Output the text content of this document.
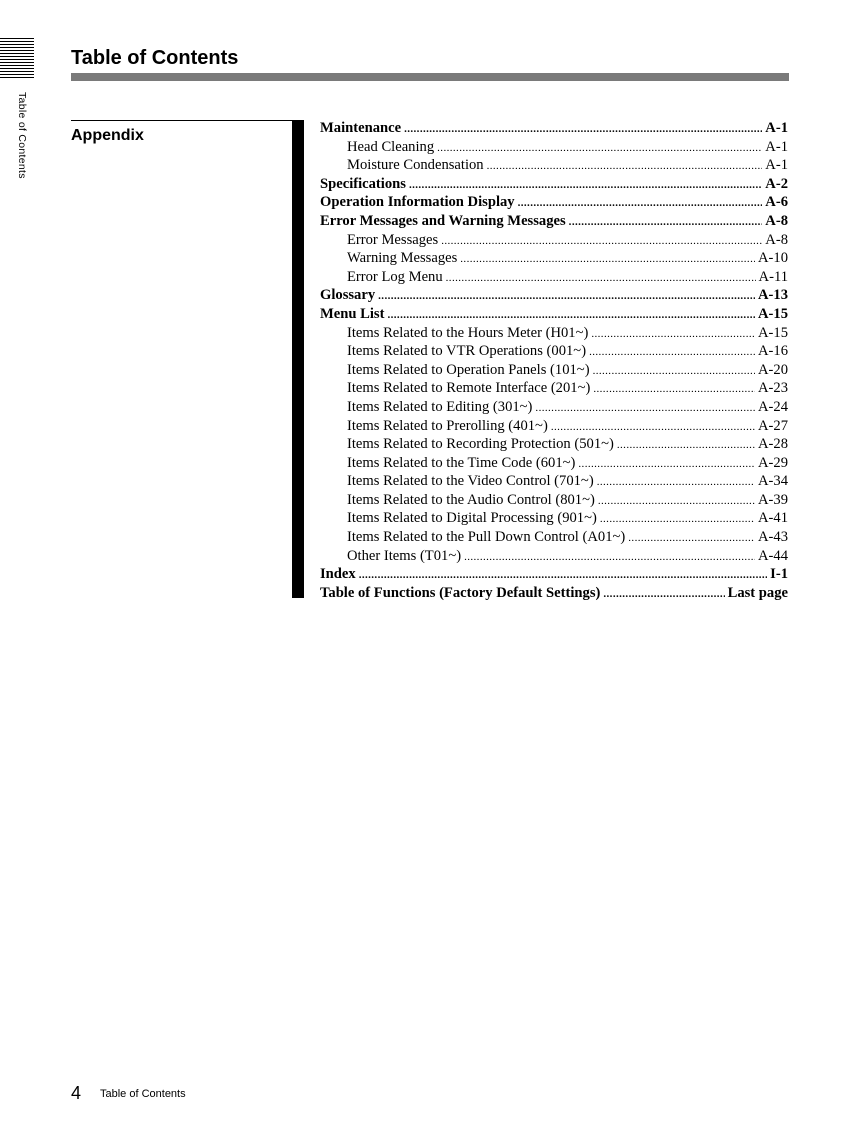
Table of Contents
Table of Contents
Appendix	Maintenance .....	A-1
Head Cleaning .....	A-1
Moisture Condensation .....	A-1
Specifications .....	A-2
Operation Information Display .....	A-6
Error Messages and Warning Messages .....	A-8
Error Messages .....	A-8
Warning Messages .....	A-10
Error Log Menu .....	A-11
Glossary .....	A-13
Menu List .....	A-15
Items Related to the Hours Meter (H01~) .....	A-15
Items Related to VTR Operations (001~) .....	A-16
Items Related to Operation Panels (101~) .....	A-20
Items Related to Remote Interface (201~) .....	A-23
Items Related to Editing (301~) .....	A-24
Items Related to Prerolling (401~) .....	A-27
Items Related to Recording Protection (501~) .....	A-28
Items Related to the Time Code (601~) .....	A-29
Items Related to the Video Control (701~) .....	A-34
Items Related to the Audio Control (801~) .....	A-39
Items Related to Digital Processing (901~) .....	A-41
Items Related to the Pull Down Control (A01~) .....	A-43
Other Items (T01~) .....	A-44
Index .....	I-1
Table of Functions (Factory Default Settings) .....	Last page
4 Table of Contents
